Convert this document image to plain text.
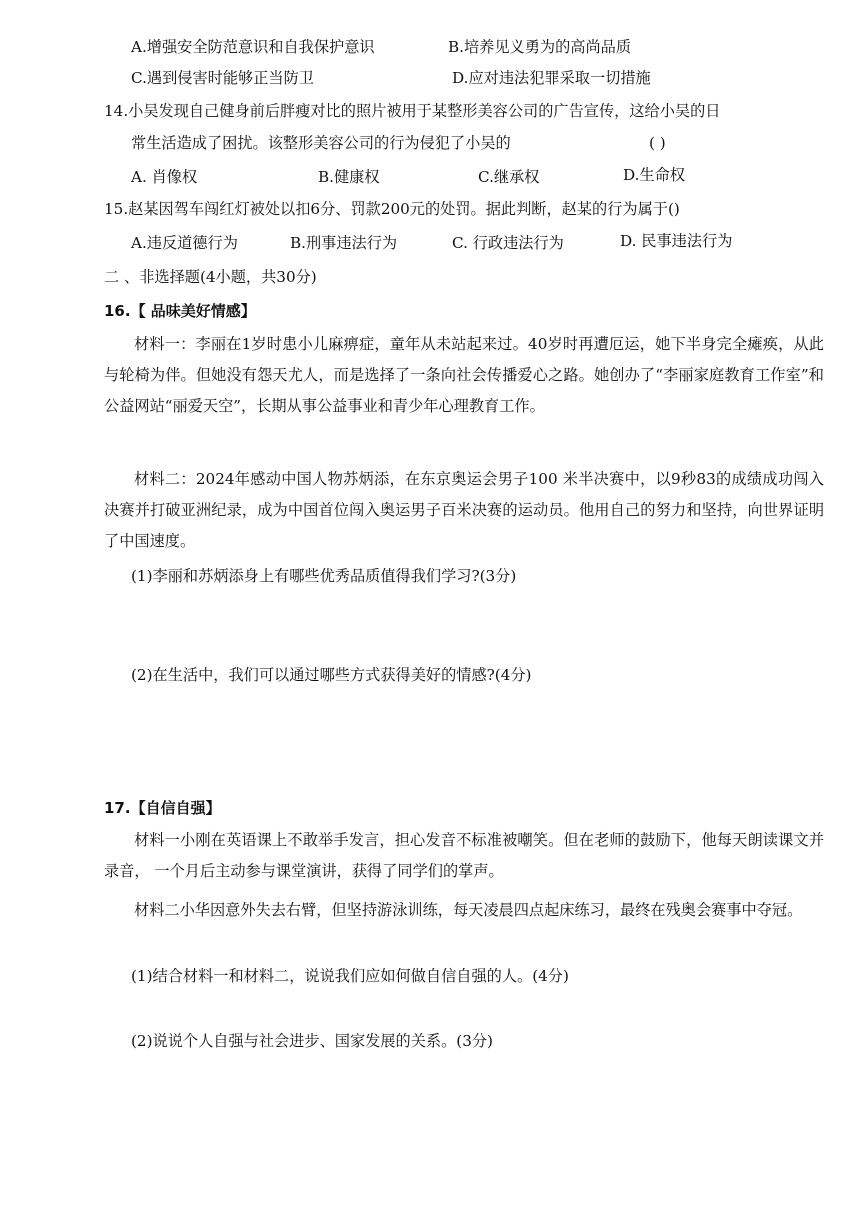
A.增强安全防范意识和自我保护意识	B.培养见义勇为的高尚品质
C.遇到侵害时能够正当防卫	D.应对违法犯罪采取一切措施
14.小吴发现自己健身前后胖瘦对比的照片被用于某整形美容公司的广告宣传，这给小吴的日
常生活造成了困扰。该整形美容公司的行为侵犯了小吴的	( )
A. 肖像权	B.健康权	C.继承权	D.生命权
15.赵某因驾车闯红灯被处以扣6分、罚款200元的处罚。据此判断，赵某的行为属于()
A.违反道德行为	B.刑事违法行为	C. 行政违法行为	D. 民事违法行为
二 、非选择题(4小题，共30分)
16.【 品味美好情感】
材料一：李丽在1岁时患小儿麻痹症，童年从未站起来过。40岁时再遭厄运，她下半身完全瘫痪，从此与轮椅为伴。但她没有怨天尤人，而是选择了一条向社会传播爱心之路。她创办了“李丽家庭教育工作室”和公益网站“丽爱天空”，长期从事公益事业和青少年心理教育工作。
材料二：2024年感动中国人物苏炳添，在东京奥运会男子100 米半决赛中，以9秒83的成绩成功闯入决赛并打破亚洲纪录，成为中国首位闯入奥运男子百米决赛的运动员。他用自己的努力和坚持，向世界证明了中国速度。
(1)李丽和苏炳添身上有哪些优秀品质值得我们学习?(3分)
(2)在生活中，我们可以通过哪些方式获得美好的情感?(4分)
17.【自信自强】
材料一小刚在英语课上不敢举手发言，担心发音不标准被嘲笑。但在老师的鼓励下，他每天朗读课文并录音， 一个月后主动参与课堂演讲，获得了同学们的掌声。
材料二小华因意外失去右臂，但坚持游泳训练，每天凌晨四点起床练习，最终在残奥会赛事中夺冠。
(1)结合材料一和材料二，说说我们应如何做自信自强的人。(4分)
(2)说说个人自强与社会进步、国家发展的关系。(3分)
